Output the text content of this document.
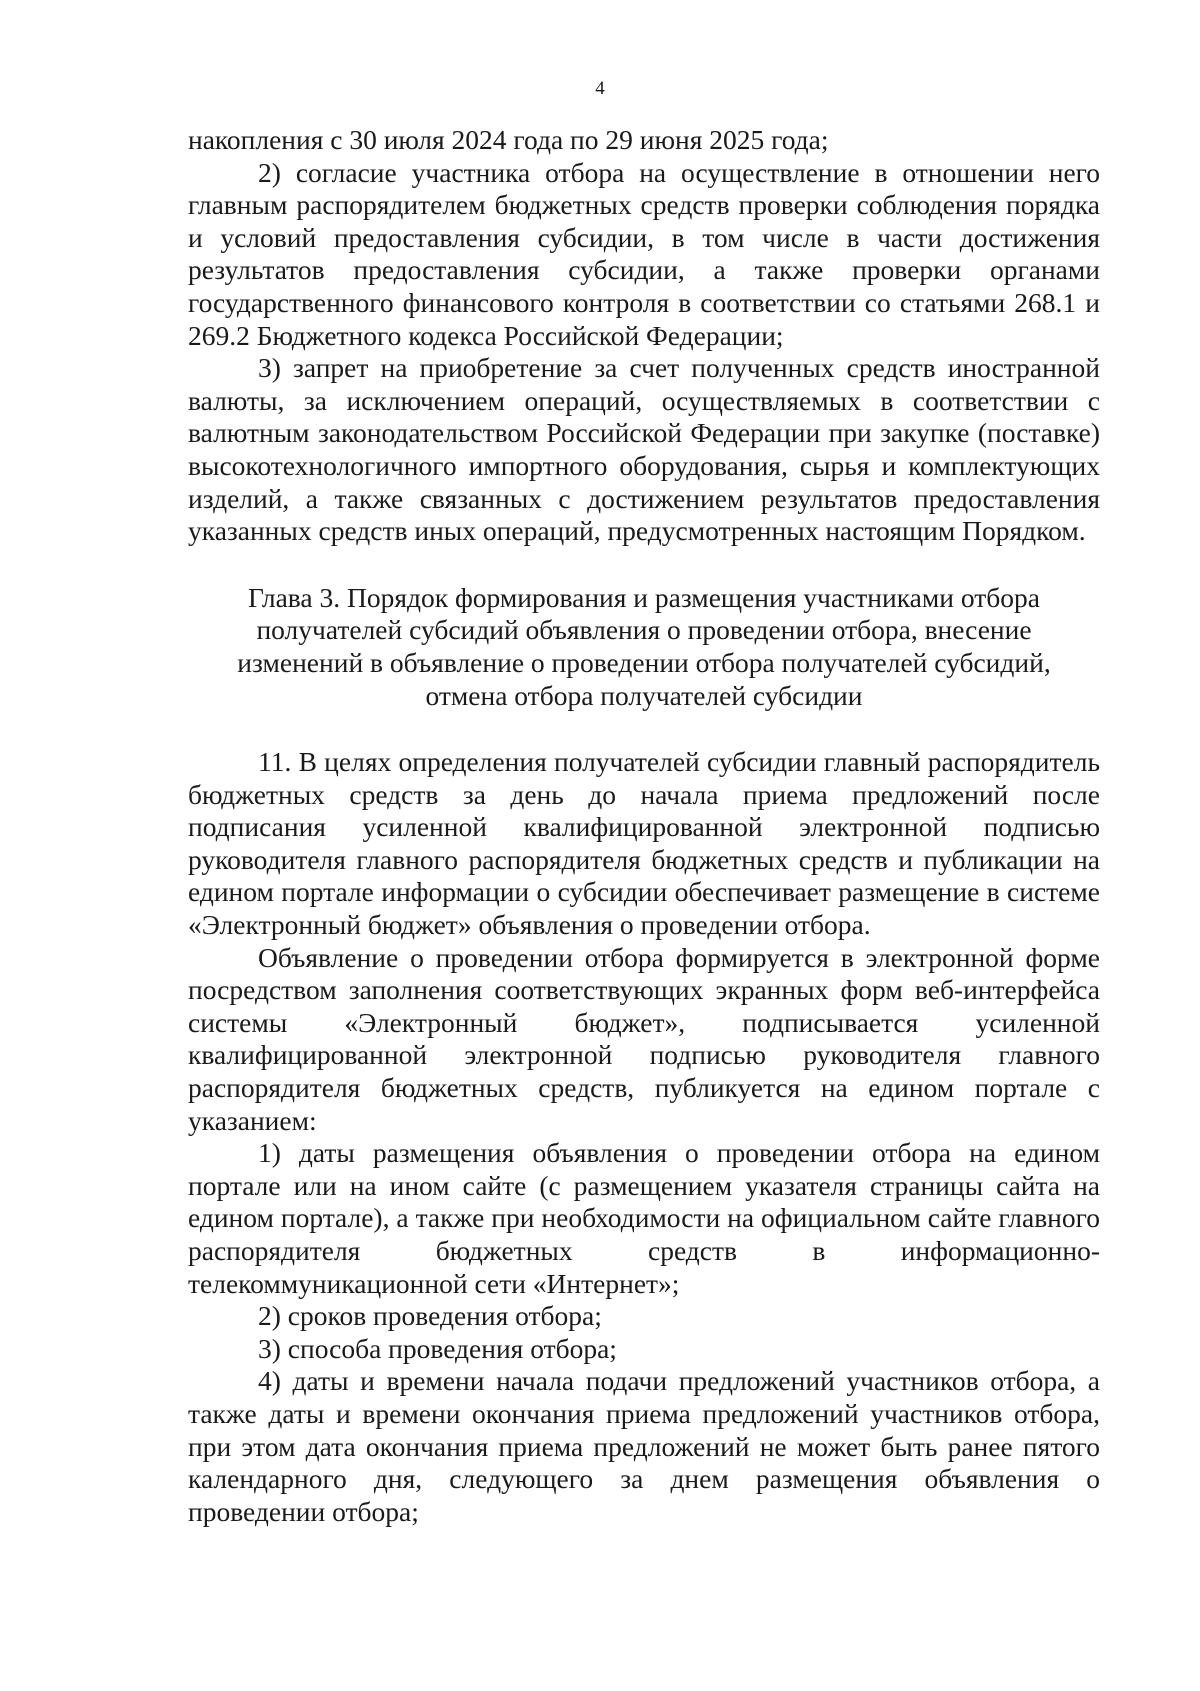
4

накопления с 30 июля 2024 года по 29 июня 2025 года;

2) согласие участника отбора на осуществление в отношении него главным распорядителем бюджетных средств проверки соблюдения порядка и условий предоставления субсидии, в том числе в части достижения результатов предоставления субсидии, а также проверки органами государственного финансового контроля в соответствии со статьями 268.1 и 269.2 Бюджетного кодекса Российской Федерации;

3) запрет на приобретение за счет полученных средств иностранной валюты, за исключением операций, осуществляемых в соответствии с валютным законодательством Российской Федерации при закупке (поставке) высокотехнологичного импортного оборудования, сырья и комплектующих изделий, а также связанных с достижением результатов предоставления указанных средств иных операций, предусмотренных настоящим Порядком.

Глава 3. Порядок формирования и размещения участниками отбора получателей субсидий объявления о проведении отбора, внесение изменений в объявление о проведении отбора получателей субсидий, отмена отбора получателей субсидии

11. В целях определения получателей субсидии главный распорядитель бюджетных средств за день до начала приема предложений после подписания усиленной квалифицированной электронной подписью руководителя главного распорядителя бюджетных средств и публикации на едином портале информации о субсидии обеспечивает размещение в системе «Электронный бюджет» объявления о проведении отбора.

Объявление о проведении отбора формируется в электронной форме посредством заполнения соответствующих экранных форм веб-интерфейса системы «Электронный бюджет», подписывается усиленной квалифицированной электронной подписью руководителя главного распорядителя бюджетных средств, публикуется на едином портале с указанием:

1) даты размещения объявления о проведении отбора на едином портале или на ином сайте (с размещением указателя страницы сайта на едином портале), а также при необходимости на официальном сайте главного распорядителя бюджетных средств в информационно-телекоммуникационной сети «Интернет»;

2) сроков проведения отбора;

3) способа проведения отбора;

4) даты и времени начала подачи предложений участников отбора, а также даты и времени окончания приема предложений участников отбора, при этом дата окончания приема предложений не может быть ранее пятого календарного дня, следующего за днем размещения объявления о проведении отбора;
